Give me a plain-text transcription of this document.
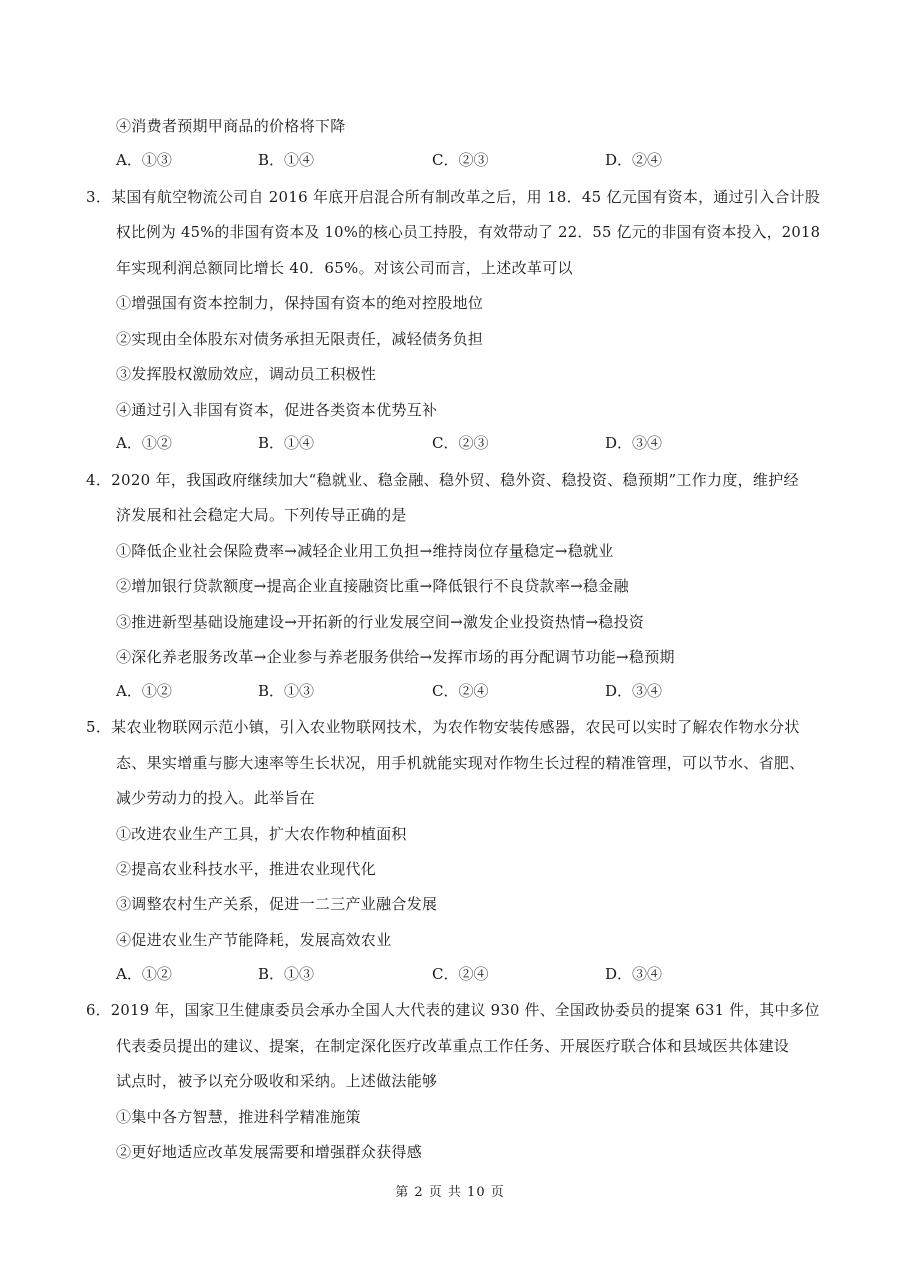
④消费者预期甲商品的价格将下降
A．①③	B．①④	C．②③	D．②④
3．某国有航空物流公司自 2016 年底开启混合所有制改革之后，用 18．45 亿元国有资本，通过引入合计股
权比例为 45%的非国有资本及 10%的核心员工持股，有效带动了 22．55 亿元的非国有资本投入，2018
年实现利润总额同比增长 40．65%。对该公司而言，上述改革可以
①增强国有资本控制力，保持国有资本的绝对控股地位
②实现由全体股东对债务承担无限责任，减轻债务负担
③发挥股权激励效应，调动员工积极性
④通过引入非国有资本，促进各类资本优势互补
A．①②	B．①④	C．②③	D．③④
4．2020 年，我国政府继续加大“稳就业、稳金融、稳外贸、稳外资、稳投资、稳预期”工作力度，维护经
济发展和社会稳定大局。下列传导正确的是
①降低企业社会保险费率→减轻企业用工负担→维持岗位存量稳定→稳就业
②增加银行贷款额度→提高企业直接融资比重→降低银行不良贷款率→稳金融
③推进新型基础设施建设→开拓新的行业发展空间→激发企业投资热情→稳投资
④深化养老服务改革→企业参与养老服务供给→发挥市场的再分配调节功能→稳预期
A．①②	B．①③	C．②④	D．③④
5．某农业物联网示范小镇，引入农业物联网技术，为农作物安装传感器，农民可以实时了解农作物水分状
态、果实增重与膨大速率等生长状况，用手机就能实现对作物生长过程的精准管理，可以节水、省肥、
减少劳动力的投入。此举旨在
①改进农业生产工具，扩大农作物种植面积
②提高农业科技水平，推进农业现代化
③调整农村生产关系，促进一二三产业融合发展
④促进农业生产节能降耗，发展高效农业
A．①②	B．①③	C．②④	D．③④
6．2019 年，国家卫生健康委员会承办全国人大代表的建议 930 件、全国政协委员的提案 631 件，其中多位
代表委员提出的建议、提案，在制定深化医疗改革重点工作任务、开展医疗联合体和县域医共体建设
试点时，被予以充分吸收和采纳。上述做法能够
①集中各方智慧，推进科学精准施策
②更好地适应改革发展需要和增强群众获得感
第 2 页 共 10 页
